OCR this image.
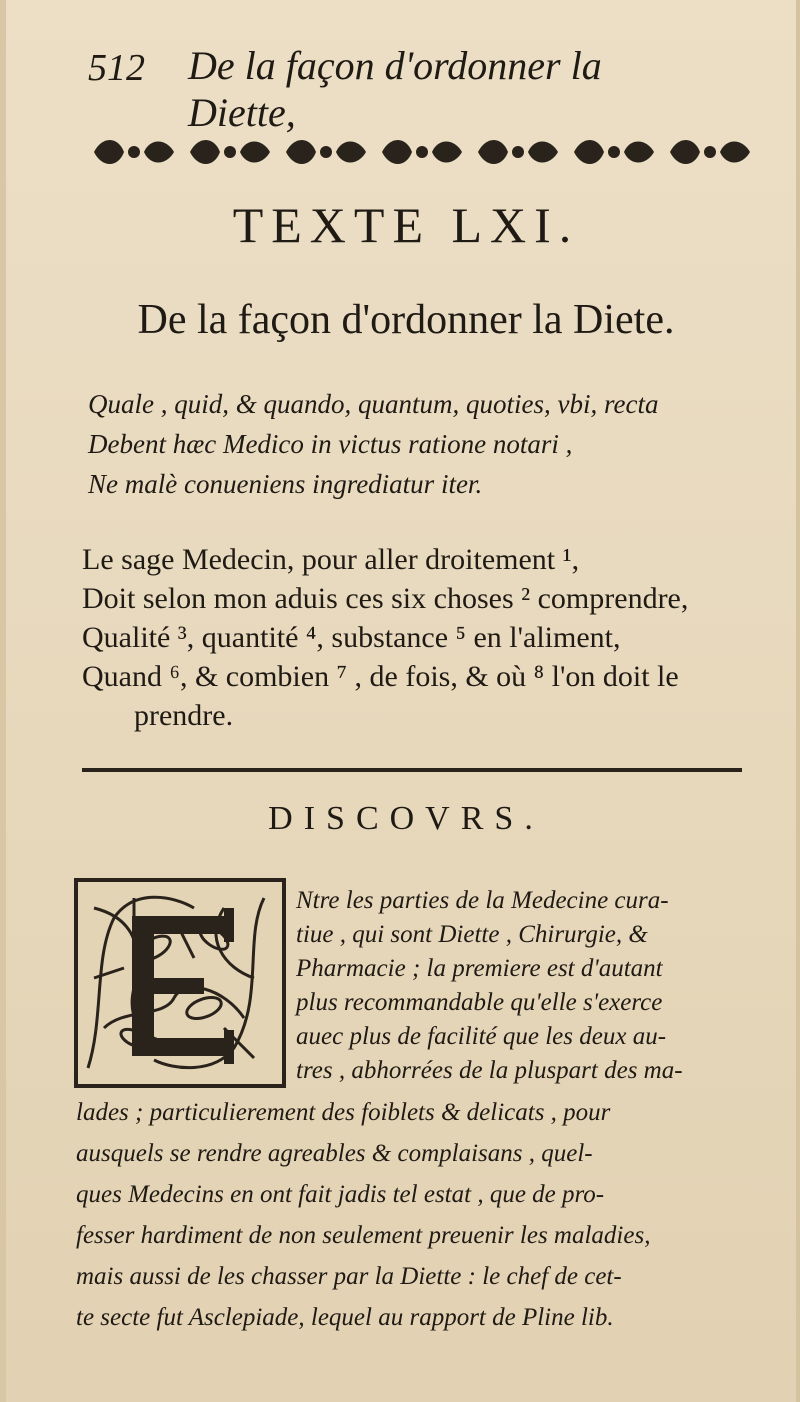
512 De la façon d'ordonner la Diette,
TEXTE LXI.
De la façon d'ordonner la Diete.
Quale , quid, & quando, quantum, quoties, vbi, recta
Debent hæc Medico in victus ratione notari ,
Ne malè conueniens ingrediatur iter.
Le sage Medecin, pour aller droitement ¹,
Doit selon mon aduis ces six choses ² comprendre,
Qualité ³, quantité ⁴, substance ⁵ en l'aliment,
Quand ⁶, & combien ⁷ , de fois, & où ⁸ l'on doit le
prendre.
DISCOVRS.
Ntre les parties de la Medecine cura-
tiue , qui sont Diette , Chirurgie, &
Pharmacie ; la premiere est d'autant
plus recommandable qu'elle s'exerce
auec plus de facilité que les deux au-
tres , abhorrées de la pluspart des ma-
lades ; particulierement des foiblets & delicats , pour
ausquels se rendre agreables & complaisans , quel-
ques Medecins en ont fait jadis tel estat , que de pro-
fesser hardiment de non seulement preuenir les maladies,
mais aussi de les chasser par la Diette : le chef de cet-
te secte fut Asclepiade, lequel au rapport de Pline lib.
